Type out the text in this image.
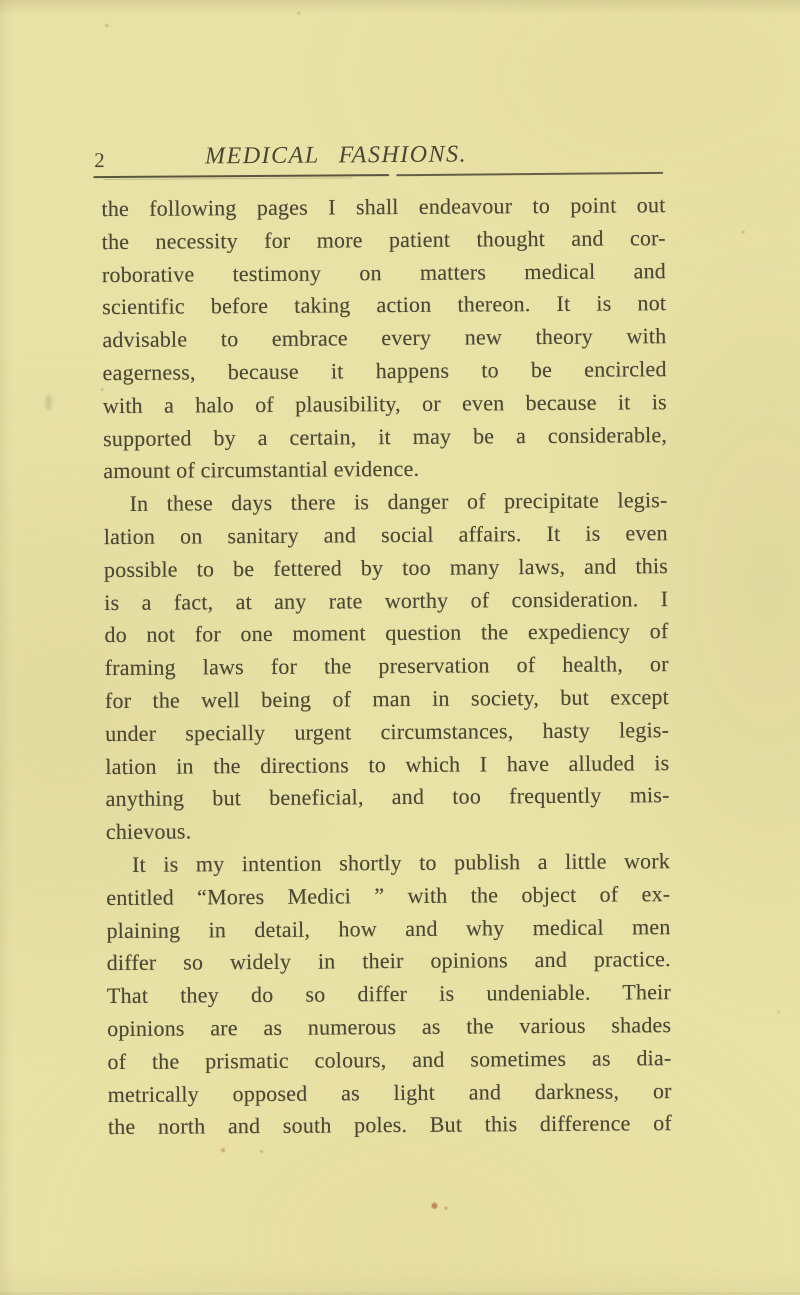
2	MEDICAL FASHIONS.
the following pages I shall endeavour to point out
the necessity for more patient thought and cor-
roborative testimony on matters medical and
scientific before taking action thereon. It is not
advisable to embrace every new theory with
eagerness, because it happens to be encircled
with a halo of plausibility, or even because it is
supported by a certain, it may be a considerable,
amount of circumstantial evidence.
In these days there is danger of precipitate legis-
lation on sanitary and social affairs. It is even
possible to be fettered by too many laws, and this
is a fact, at any rate worthy of consideration. I
do not for one moment question the expediency of
framing laws for the preservation of health, or
for the well being of man in society, but except
under specially urgent circumstances, hasty legis-
lation in the directions to which I have alluded is
anything but beneficial, and too frequently mis-
chievous.
It is my intention shortly to publish a little work
entitled “Mores Medici ” with the object of ex-
plaining in detail, how and why medical men
differ so widely in their opinions and practice.
That they do so differ is undeniable. Their
opinions are as numerous as the various shades
of the prismatic colours, and sometimes as dia-
metrically opposed as light and darkness, or
the north and south poles. But this difference of
